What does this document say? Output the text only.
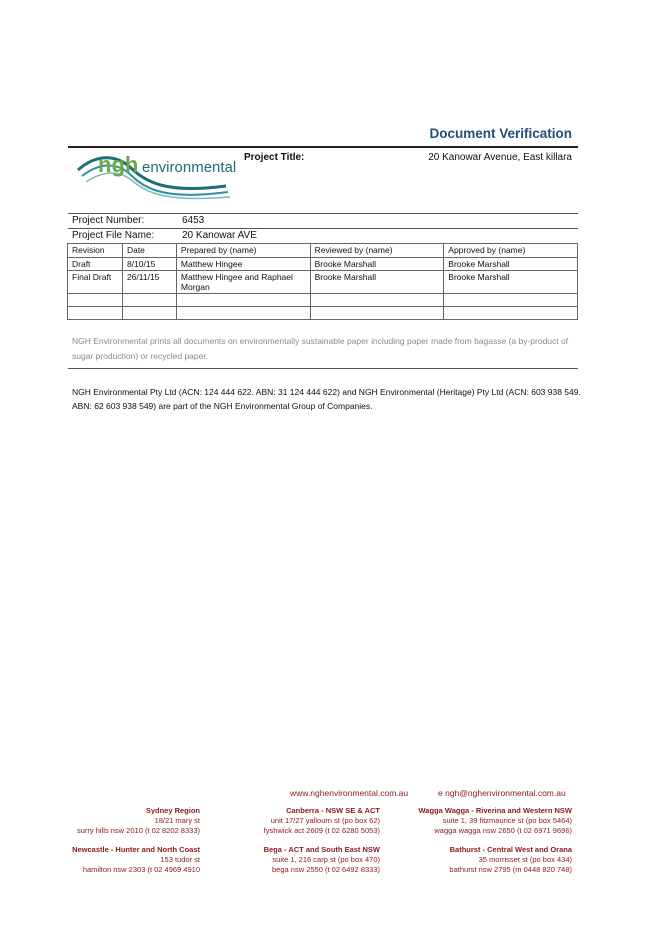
Document Verification
ngh environmental
Project Title:	20 Kanowar Avenue, East killara
Project Number:	6453
Project File Name:	20 Kanowar AVE
Revision	Date	Prepared by (name)	Reviewed by (name)	Approved by (name)
Draft	8/10/15	Matthew Hingee	Brooke Marshall	Brooke Marshall
Final Draft	26/11/15	Matthew Hingee and Raphael Morgan	Brooke Marshall	Brooke Marshall

NGH Environmental prints all documents on environmentally sustainable paper including paper made from bagasse (a by-product of sugar production) or recycled paper.
NGH Environmental Pty Ltd (ACN: 124 444 622. ABN: 31 124 444 622) and NGH Environmental (Heritage) Pty Ltd (ACN: 603 938 549. ABN: 62 603 938 549) are part of the NGH Environmental Group of Companies.
www.nghenvironmental.com.au	e ngh@nghenvironmental.com.au
Sydney Region
18/21 mary st
surry hills nsw 2010 (t 02 8202 8333)
Canberra - NSW SE & ACT
unit 17/27 yallourn st (po box 62)
fyshwick act 2609 (t 02 6280 5053)
Wagga Wagga - Riverina and Western NSW
suite 1, 39 fitzmaurice st (po box 5464)
wagga wagga nsw 2650 (t 02 6971 9696)
Newcastle - Hunter and North Coast
153 tudor st
hamilton nsw 2303 (t 02 4969 4910
Bega - ACT and South East NSW
suite 1, 216 carp st (po box 470)
bega nsw 2550 (t 02 6492 8333)
Bathurst - Central West and Orana
35 morrisset st (po box 434)
bathurst nsw 2795 (m 0448 820 748)
